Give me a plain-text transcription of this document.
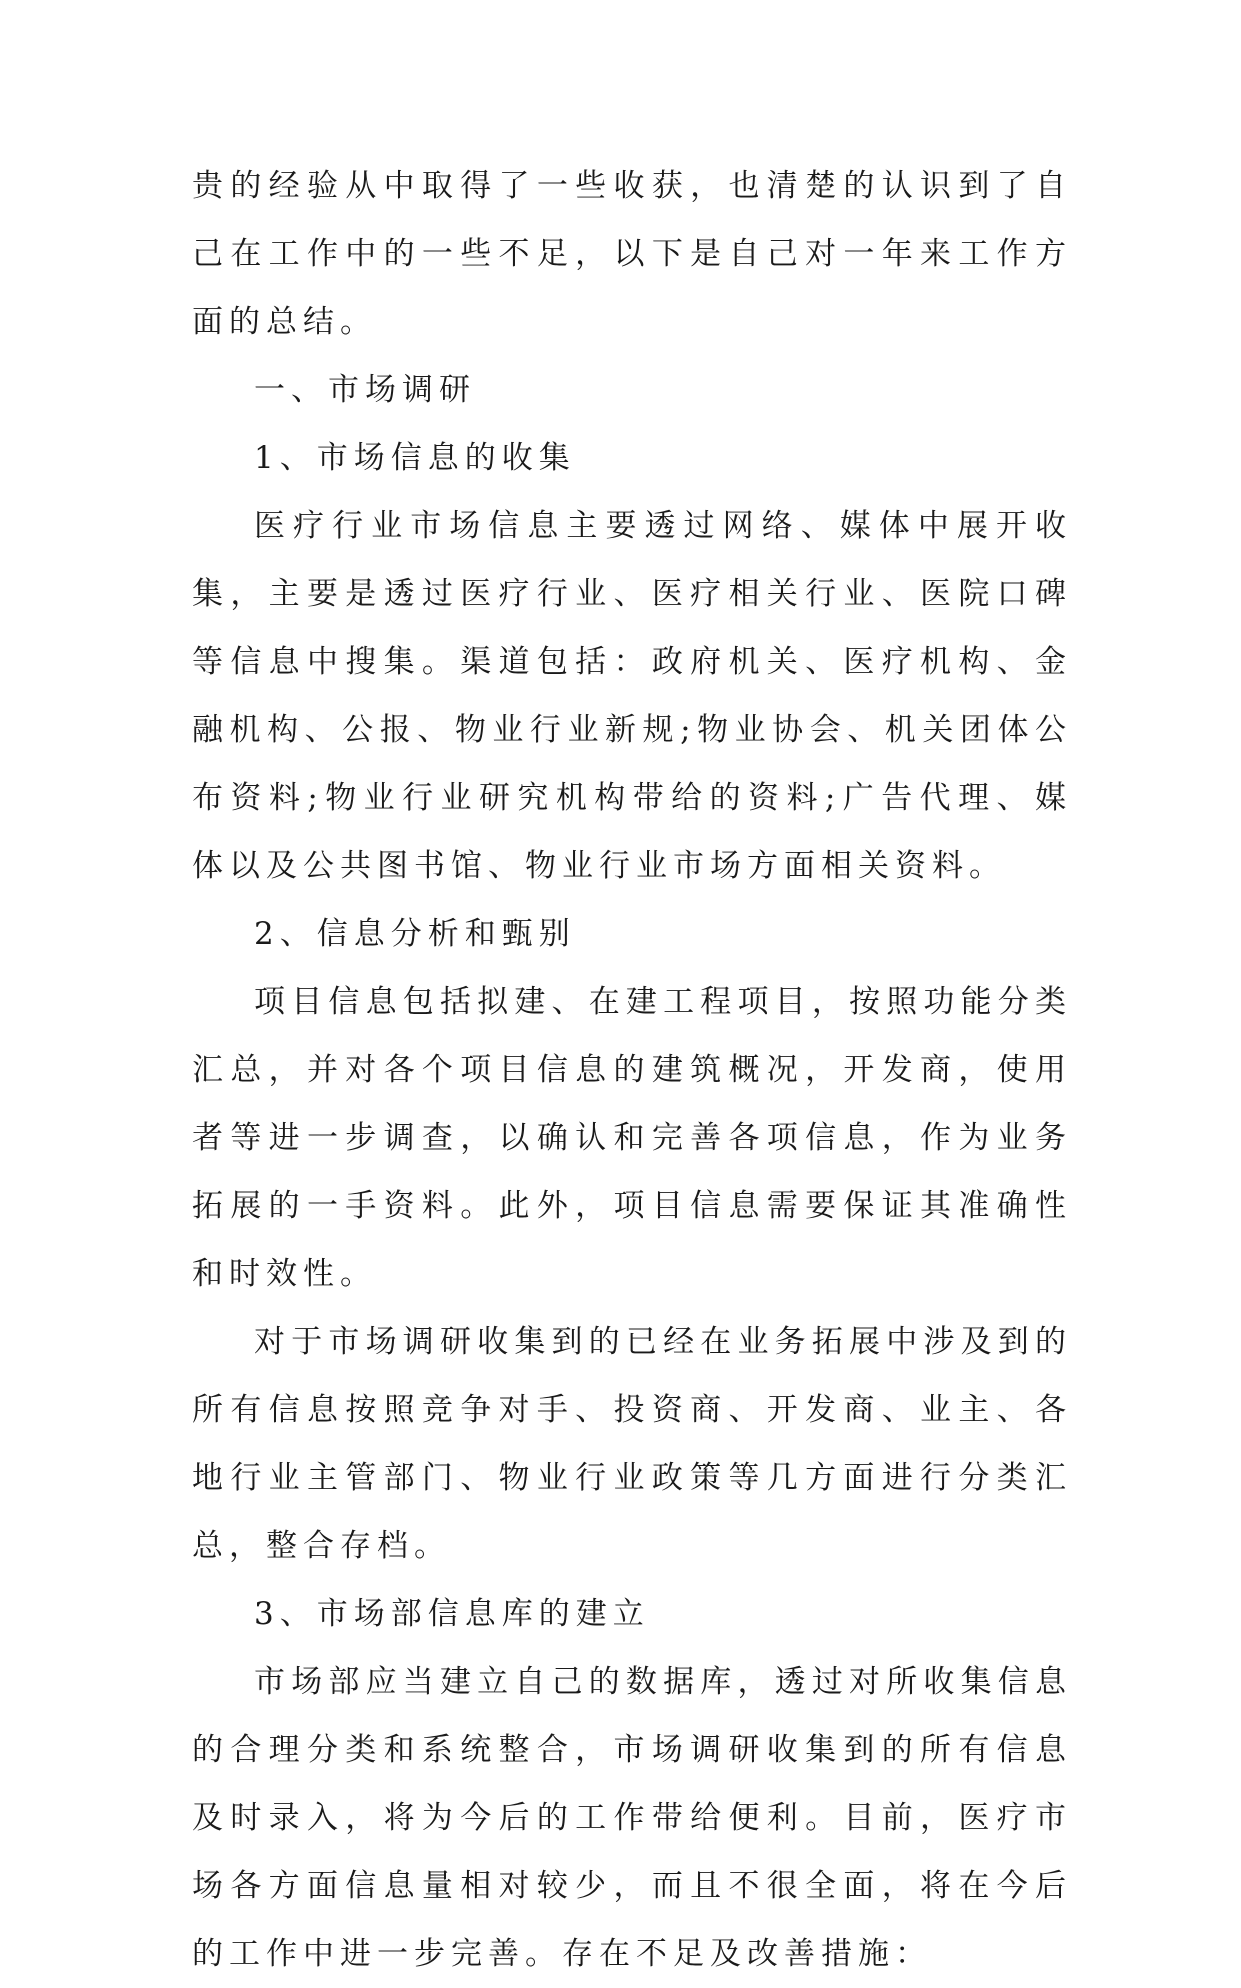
贵的经验从中取得了一些收获，也清楚的认识到了自己在工作中的一些不足，以下是自己对一年来工作方面的总结。

一、市场调研

1、市场信息的收集

医疗行业市场信息主要透过网络、媒体中展开收集，主要是透过医疗行业、医疗相关行业、医院口碑等信息中搜集。渠道包括：政府机关、医疗机构、金融机构、公报、物业行业新规;物业协会、机关团体公布资料;物业行业研究机构带给的资料;广告代理、媒体以及公共图书馆、物业行业市场方面相关资料。

2、信息分析和甄别

项目信息包括拟建、在建工程项目，按照功能分类汇总，并对各个项目信息的建筑概况，开发商，使用者等进一步调查，以确认和完善各项信息，作为业务拓展的一手资料。此外，项目信息需要保证其准确性和时效性。

对于市场调研收集到的已经在业务拓展中涉及到的所有信息按照竞争对手、投资商、开发商、业主、各地行业主管部门、物业行业政策等几方面进行分类汇总，整合存档。

3、市场部信息库的建立

市场部应当建立自己的数据库，透过对所收集信息的合理分类和系统整合，市场调研收集到的所有信息及时录入，将为今后的工作带给便利。目前，医疗市场各方面信息量相对较少，而且不很全面，将在今后的工作中进一步完善。存在不足及改善措施：
